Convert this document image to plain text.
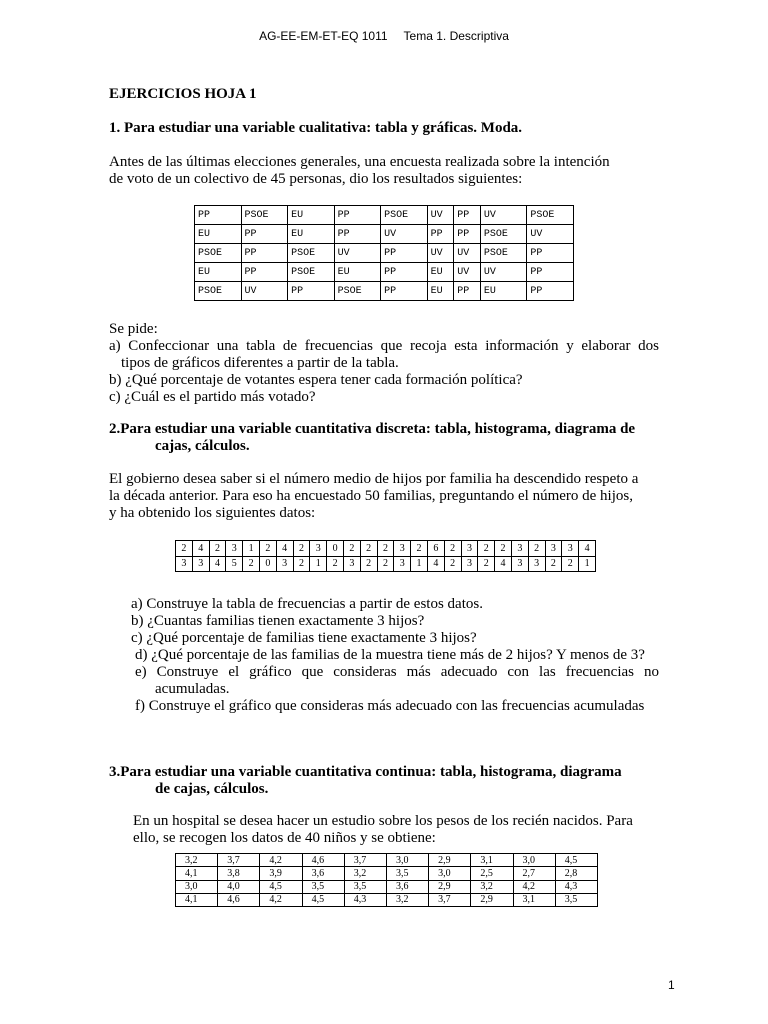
AG-EE-EM-ET-EQ 1011 Tema 1. Descriptiva
EJERCICIOS HOJA 1
1. Para estudiar una variable cualitativa: tabla y gráficas. Moda.
Antes de las últimas elecciones generales, una encuesta realizada sobre la intención
de voto de un colectivo de 45 personas, dio los resultados siguientes:
PP	PSOE	EU	PP	PSOE	UV	PP	UV	PSOE
EU	PP	EU	PP	UV	PP	PP	PSOE	UV
PSOE	PP	PSOE	UV	PP	UV	UV	PSOE	PP
EU	PP	PSOE	EU	PP	EU	UV	UV	PP
PSOE	UV	PP	PSOE	PP	EU	PP	EU	PP
Se pide:
a) Confeccionar una tabla de frecuencias que recoja esta información y elaborar dos
tipos de gráficos diferentes a partir de la tabla.
b) ¿Qué porcentaje de votantes espera tener cada formación política?
c) ¿Cuál es el partido más votado?
2.Para estudiar una variable cuantitativa discreta: tabla, histograma, diagrama de
cajas, cálculos.
El gobierno desea saber si el número medio de hijos por familia ha descendido respeto a
la década anterior. Para eso ha encuestado 50 familias, preguntando el número de hijos,
y ha obtenido los siguientes datos:
2	4	2	3	1	2	4	2	3	0	2	2	2	3	2	6	2	3	2	2	3	2	3	3	4
3	3	4	5	2	0	3	2	1	2	3	2	2	3	1	4	2	3	2	4	3	3	2	2	1
a) Construye la tabla de frecuencias a partir de estos datos.
b) ¿Cuantas familias tienen exactamente 3 hijos?
c) ¿Qué porcentaje de familias tiene exactamente 3 hijos?
d) ¿Qué porcentaje de las familias de la muestra tiene más de 2 hijos? Y menos de 3?
e) Construye el gráfico que consideras más adecuado con las frecuencias no acumuladas.
f) Construye el gráfico que consideras más adecuado con las frecuencias acumuladas
3.Para estudiar una variable cuantitativa continua: tabla, histograma, diagrama
de cajas, cálculos.
En un hospital se desea hacer un estudio sobre los pesos de los recién nacidos. Para
ello, se recogen los datos de 40 niños y se obtiene:
3,2	3,7	4,2	4,6	3,7	3,0	2,9	3,1	3,0	4,5
4,1	3,8	3,9	3,6	3,2	3,5	3,0	2,5	2,7	2,8
3,0	4,0	4,5	3,5	3,5	3,6	2,9	3,2	4,2	4,3
4,1	4,6	4,2	4,5	4,3	3,2	3,7	2,9	3,1	3,5
1
